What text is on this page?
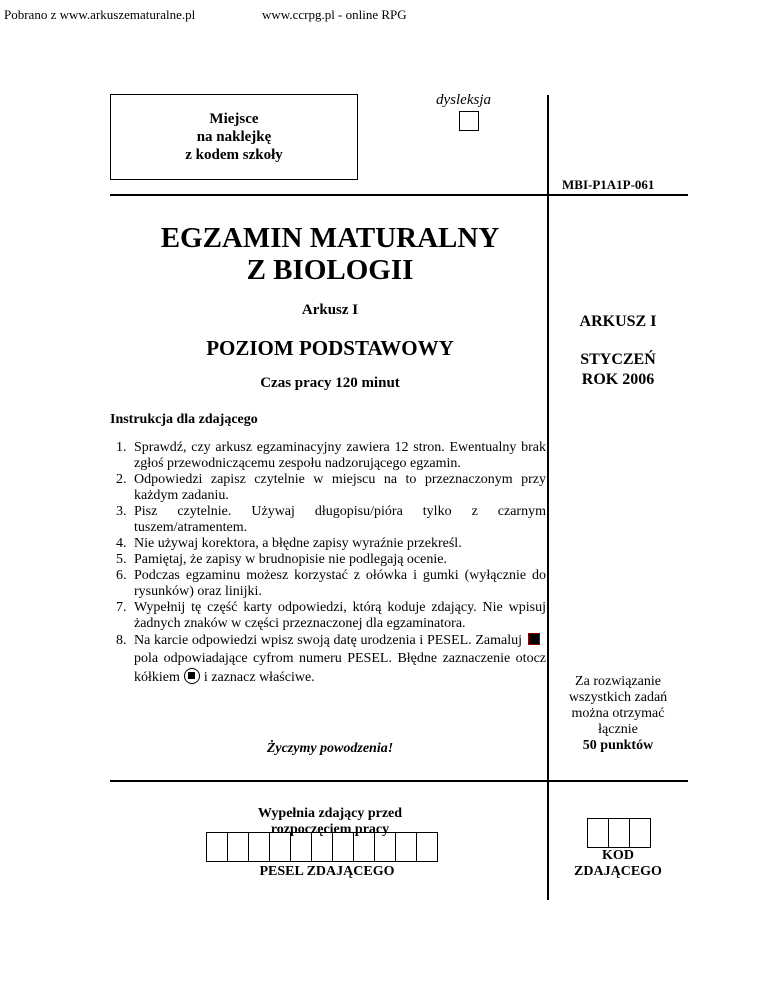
Pobrano z www.arkuszematuralne.pl	www.ccrpg.pl - online RPG
Miejsce
na naklejkę
z kodem szkoły
dysleksja
MBI-P1A1P-061
EGZAMIN MATURALNY
Z BIOLOGII
Arkusz I
POZIOM PODSTAWOWY
Czas pracy 120 minut
ARKUSZ I
STYCZEŃ
ROK 2006
Instrukcja dla zdającego
1. Sprawdź, czy arkusz egzaminacyjny zawiera 12 stron. Ewentualny brak zgłoś przewodniczącemu zespołu nadzorującego egzamin.
2. Odpowiedzi zapisz czytelnie w miejscu na to przeznaczonym przy każdym zadaniu.
3. Pisz czytelnie. Używaj długopisu/pióra tylko z czarnym tuszem/atramentem.
4. Nie używaj korektora, a błędne zapisy wyraźnie przekreśl.
5. Pamiętaj, że zapisy w brudnopisie nie podlegają ocenie.
6. Podczas egzaminu możesz korzystać z ołówka i gumki (wyłącznie do rysunków) oraz linijki.
7. Wypełnij tę część karty odpowiedzi, którą koduje zdający. Nie wpisuj żadnych znaków w części przeznaczonej dla egzaminatora.
8. Na karcie odpowiedzi wpisz swoją datę urodzenia i PESEL. Zamalujpola odpowiadające cyfrom numeru PESEL. Błędne zaznaczenie otocz kółkiem i zaznacz właściwe.
Życzymy powodzenia!
Za rozwiązanie
wszystkich zadań
można otrzymać
łącznie
50 punktów
Wypełnia zdający przed
rozpoczęciem pracy
PESEL ZDAJĄCEGO
KOD
ZDAJĄCEGO
